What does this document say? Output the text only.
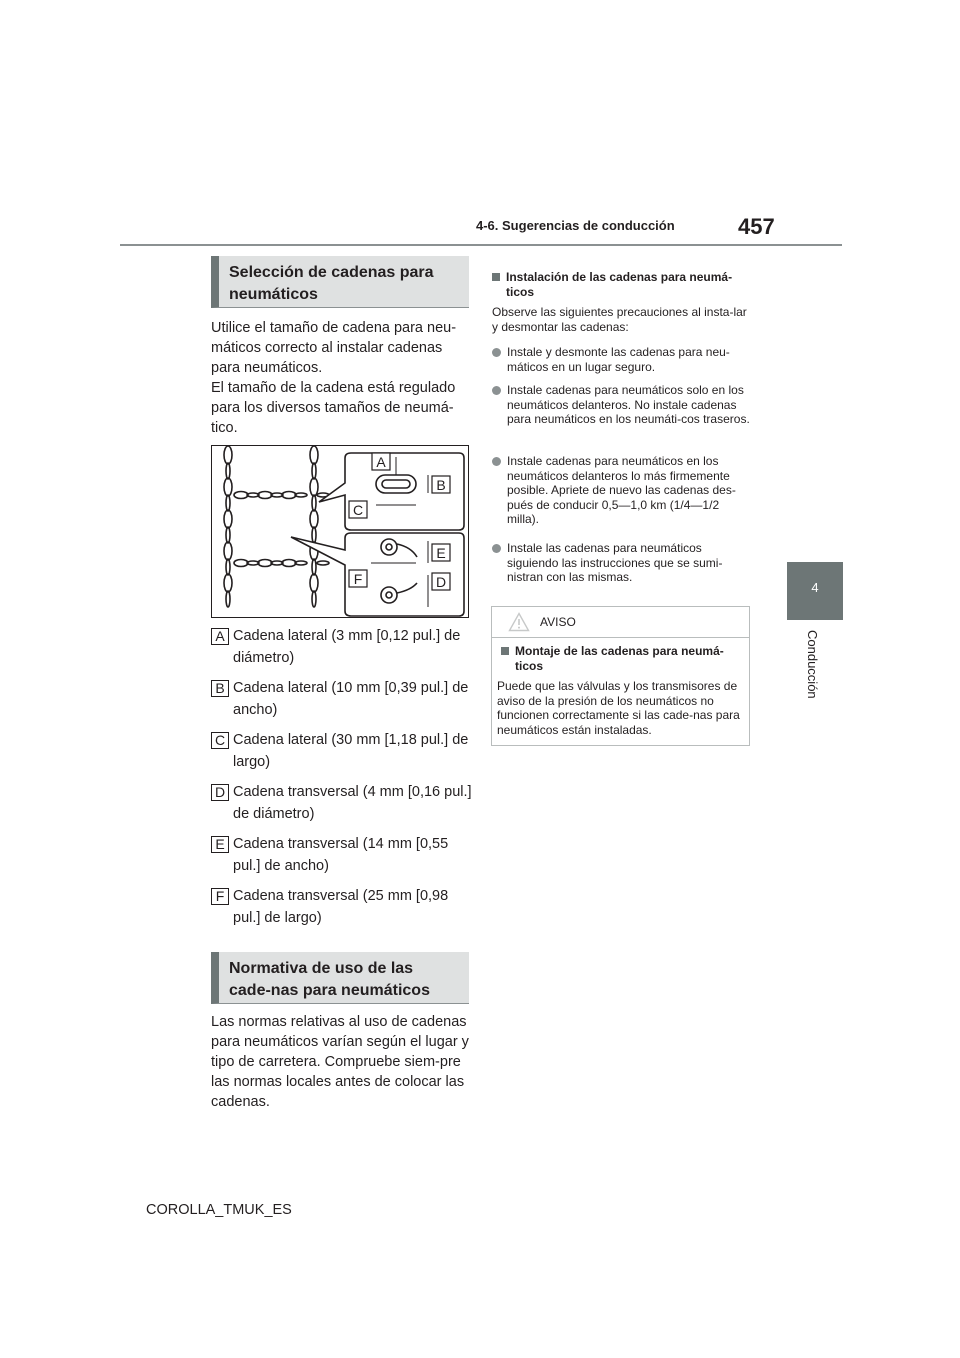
4-6. Sugerencias de conducción	457
4
Conducción
Selección de cadenas para neumáticos
Utilice el tamaño de cadena para neu-máticos correcto al instalar cadenas para neumáticos.
El tamaño de la cadena está regulado para los diversos tamaños de neumá-tico.
A
B
C
D
E
F
A Cadena lateral (3 mm [0,12 pul.] de diámetro)
B Cadena lateral (10 mm [0,39 pul.] de ancho)
C Cadena lateral (30 mm [1,18 pul.] de largo)
D Cadena transversal (4 mm [0,16 pul.] de diámetro)
E Cadena transversal (14 mm [0,55 pul.] de ancho)
F Cadena transversal (25 mm [0,98 pul.] de largo)
Normativa de uso de las cade-nas para neumáticos
Las normas relativas al uso de cadenas para neumáticos varían según el lugar y tipo de carretera. Compruebe siem-pre las normas locales antes de colocar las cadenas.
Instalación de las cadenas para neumá-ticos
Observe las siguientes precauciones al insta-lar y desmontar las cadenas:
Instale y desmonte las cadenas para neu-máticos en un lugar seguro.
Instale cadenas para neumáticos solo en los neumáticos delanteros. No instale cadenas para neumáticos en los neumáti-cos traseros.
Instale cadenas para neumáticos en los neumáticos delanteros lo más firmemente posible. Apriete de nuevo las cadenas des-pués de conducir 0,5—1,0 km (1/4—1/2 milla).
Instale las cadenas para neumáticos siguiendo las instrucciones que se sumi-nistran con las mismas.
AVISO
Montaje de las cadenas para neumá-ticos
Puede que las válvulas y los transmisores de aviso de la presión de los neumáticos no funcionen correctamente si las cade-nas para neumáticos están instaladas.
COROLLA_TMUK_ES
